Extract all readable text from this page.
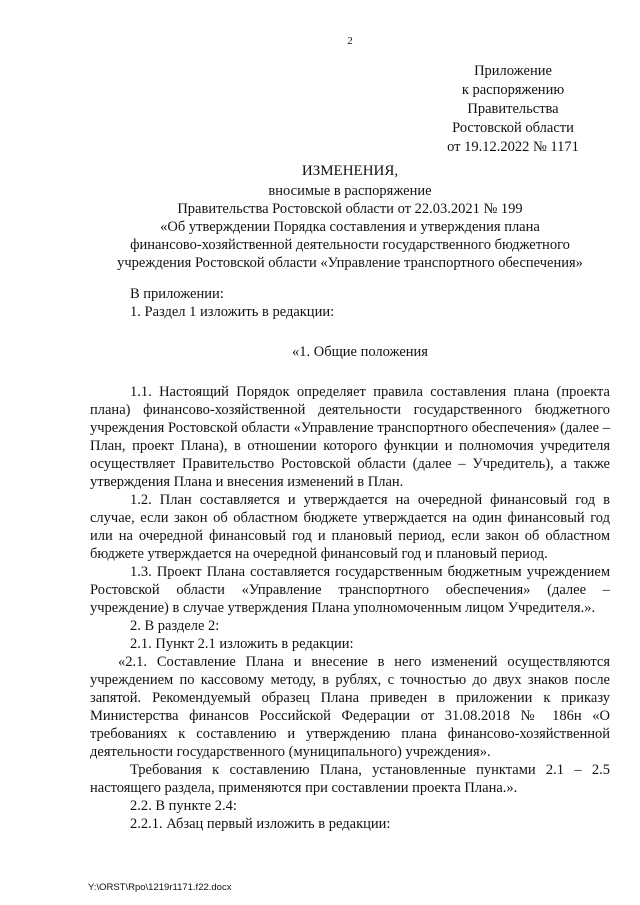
2
Приложение
к распоряжению
Правительства
Ростовской области
от 19.12.2022 № 1171
ИЗМЕНЕНИЯ,
вносимые в распоряжение
Правительства Ростовской области от 22.03.2021 № 199
«Об утверждении Порядка составления и утверждения плана
финансово-хозяйственной деятельности государственного бюджетного
учреждения Ростовской области «Управление транспортного обеспечения»

В приложении:

1. Раздел 1 изложить в редакции:

«1. Общие положения

1.1. Настоящий Порядок определяет правила составления плана (проекта плана) финансово-хозяйственной деятельности государственного бюджетного учреждения Ростовской области «Управление транспортного обеспечения» (далее – План, проект Плана), в отношении которого функции и полномочия учредителя осуществляет Правительство Ростовской области (далее – Учредитель), а также утверждения Плана и внесения изменений в План.

1.2. План составляется и утверждается на очередной финансовый год в случае, если закон об областном бюджете утверждается на один финансовый год или на очередной финансовый год и плановый период, если закон об областном бюджете утверждается на очередной финансовый год и плановый период.

1.3. Проект Плана составляется государственным бюджетным учреждением Ростовской области «Управление транспортного обеспечения» (далее – учреждение) в случае утверждения Плана уполномоченным лицом Учредителя.».

2. В разделе 2:

2.1. Пункт 2.1 изложить в редакции:

«2.1. Составление Плана и внесение в него изменений осуществляются учреждением по кассовому методу, в рублях, с точностью до двух знаков после запятой. Рекомендуемый образец Плана приведен в приложении к приказу Министерства финансов Российской Федерации от 31.08.2018 № 186н «О требованиях к составлению и утверждению плана финансово-хозяйственной деятельности государственного (муниципального) учреждения».

Требования к составлению Плана, установленные пунктами 2.1 – 2.5 настоящего раздела, применяются при составлении проекта Плана.».

2.2. В пункте 2.4:

2.2.1. Абзац первый изложить в редакции:

Y:\ORST\Rpo\1219r1171.f22.docx
